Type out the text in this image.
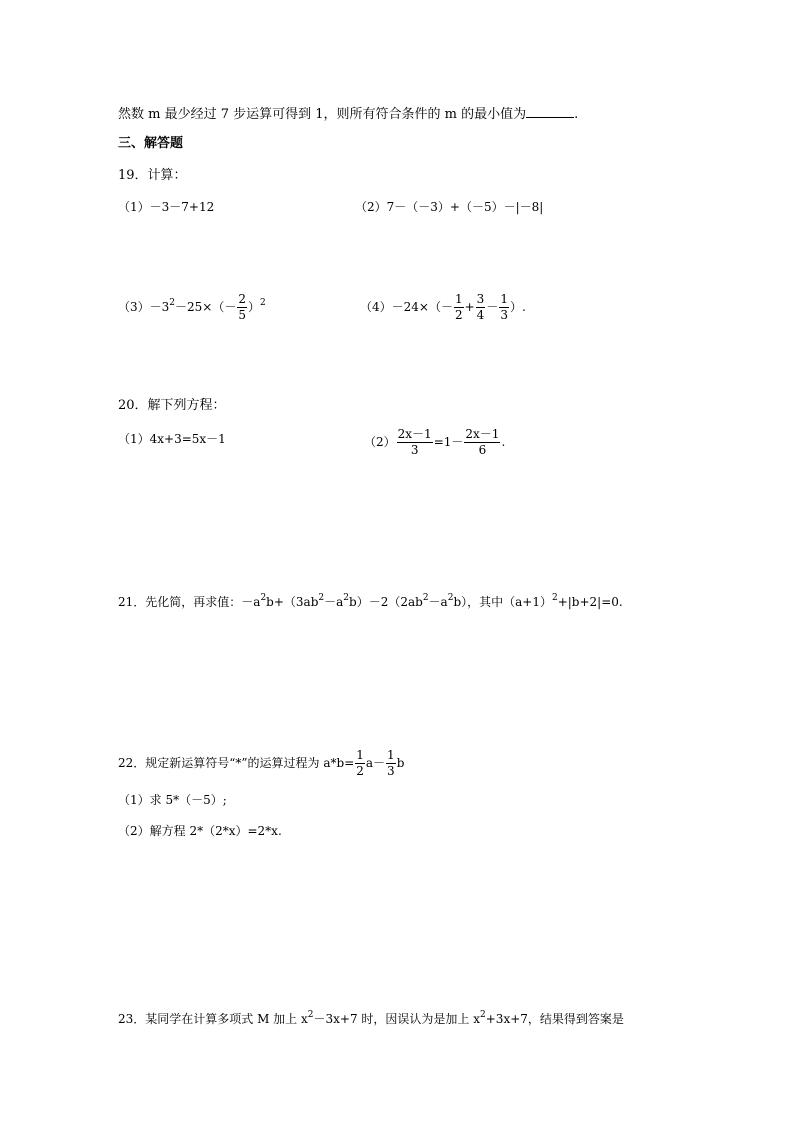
然数 m 最少经过 7 步运算可得到 1，则所有符合条件的 m 的最小值为	.
三、解答题
19．计算：
（1）－3－7+12	（2）7－（－3）+（－5）－|－8|
$(3)-3^2-25\times(- \frac{2}{5} )^2$	$(4)-24\times(- \frac{1}{2} + \frac{3}{4} - \frac{1}{3}$ ）.
20．解下列方程：
（1）4x+3=5x－1	$(2) \frac{2x-1}{3} =1- \frac{2x-1}{6}$ .
21．先化简，再求值：$-a^2b+(3ab^2-a^2b)-2(2ab^2-a^2b)$，其中$(a+1)^2+|b+2|=0$.
22．规定新运算符号“*”的运算过程为 $a*b= \frac{1}{2} a- \frac{1}{3}$ b
（1）求 5*（－5）;
（2）解方程 2*（2*x）=2*x.
23．某同学在计算多项式 M 加上 $x^2-3x+7$ 时，因误认为是加上 $x^2+3x+7$，结果得到答案是
